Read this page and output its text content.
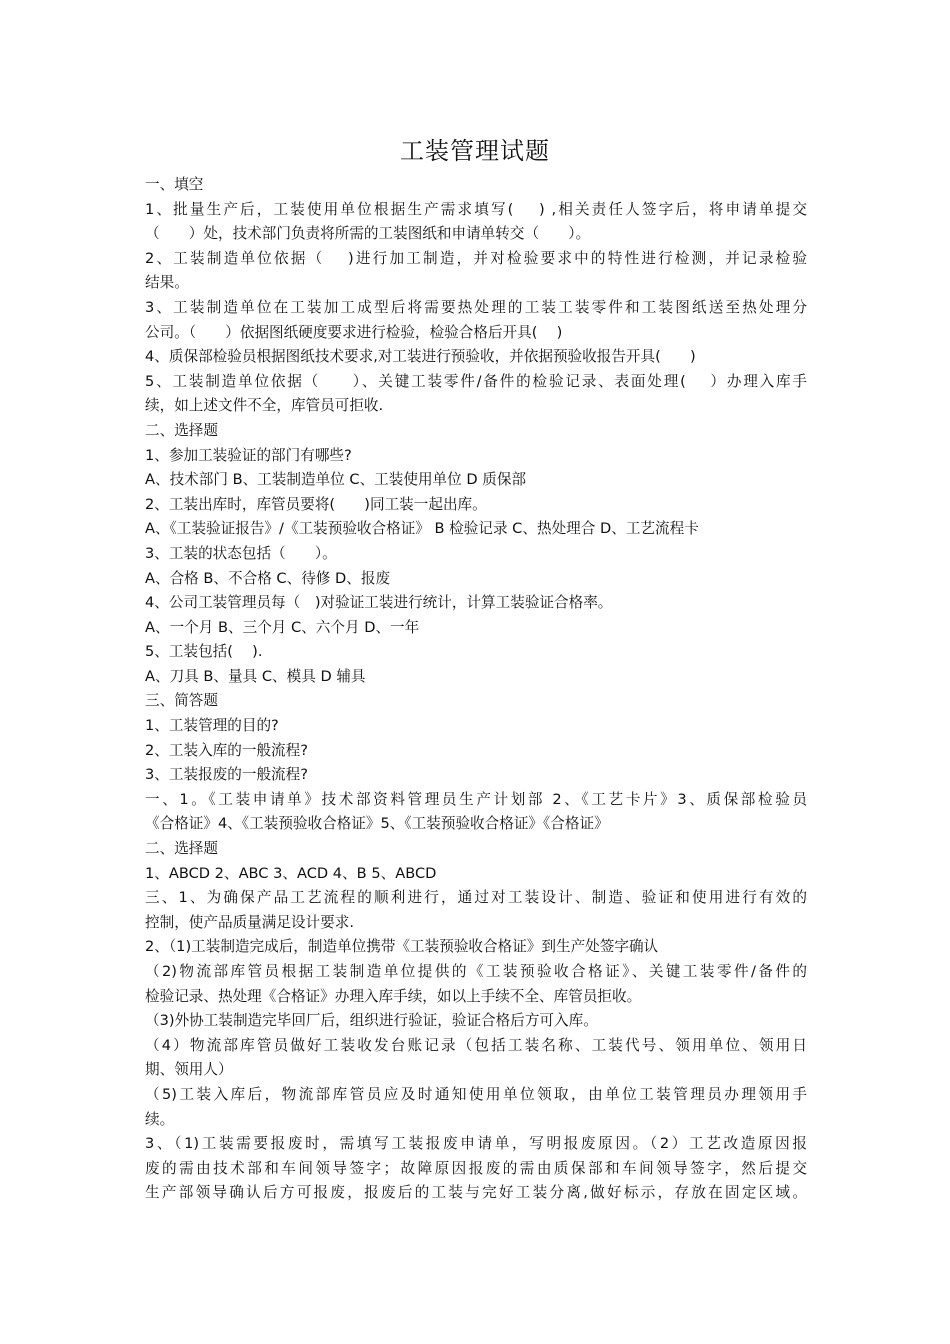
工装管理试题
一、填空
1、批量生产后，工装使用单位根据生产需求填写(　 ) ,相关责任人签字后，将申请单提交
（　　）处，技术部门负责将所需的工装图纸和申请单转交（　　）。
2、工装制造单位依据（　 )进行加工制造，并对检验要求中的特性进行检测，并记录检验
结果。
3、工装制造单位在工装加工成型后将需要热处理的工装工装零件和工装图纸送至热处理分
公司。（　　）依据图纸硬度要求进行检验，检验合格后开具(　 )
4、质保部检验员根据图纸技术要求,对工装进行预验收，并依据预验收报告开具(　　)
5、工装制造单位依据（　　）、关键工装零件/备件的检验记录、表面处理(　 ）办理入库手
续，如上述文件不全，库管员可拒收.
二、选择题
1、参加工装验证的部门有哪些?
A、技术部门 B、工装制造单位 C、工装使用单位 D 质保部
2、工装出库时，库管员要将(　　)同工装一起出库。
A、《工装验证报告》/《工装预验收合格证》 B 检验记录 C、热处理合 D、工艺流程卡
3、工装的状态包括（　　）。
A、合格 B、不合格 C、待修 D、报废
4、公司工装管理员每（　)对验证工装进行统计，计算工装验证合格率。
A、一个月 B、三个月 C、六个月 D、一年
5、工装包括(　 ).
A、刀具 B、量具 C、模具 D 辅具
三、简答题
1、工装管理的目的?
2、工装入库的一般流程?
3、工装报废的一般流程?
一、1。《工装申请单》技术部资料管理员生产计划部 2、《工艺卡片》3、质保部检验员
《合格证》4、《工装预验收合格证》5、《工装预验收合格证》《合格证》
二、选择题
1、ABCD 2、ABC 3、ACD 4、B 5、ABCD
三、1、为确保产品工艺流程的顺利进行，通过对工装设计、制造、验证和使用进行有效的
控制，使产品质量满足设计要求.
2、（1)工装制造完成后，制造单位携带《工装预验收合格证》到生产处签字确认
（2)物流部库管员根据工装制造单位提供的《工装预验收合格证》、关键工装零件/备件的
检验记录、热处理《合格证》办理入库手续，如以上手续不全、库管员拒收。
（3)外协工装制造完毕回厂后，组织进行验证，验证合格后方可入库。
（4）物流部库管员做好工装收发台账记录（包括工装名称、工装代号、领用单位、领用日
期、领用人）
（5)工装入库后，物流部库管员应及时通知使用单位领取，由单位工装管理员办理领用手
续。
3、（1)工装需要报废时，需填写工装报废申请单，写明报废原因。（2）工艺改造原因报
废的需由技术部和车间领导签字；故障原因报废的需由质保部和车间领导签字，然后提交
生产部领导确认后方可报废，报废后的工装与完好工装分离,做好标示，存放在固定区域。
